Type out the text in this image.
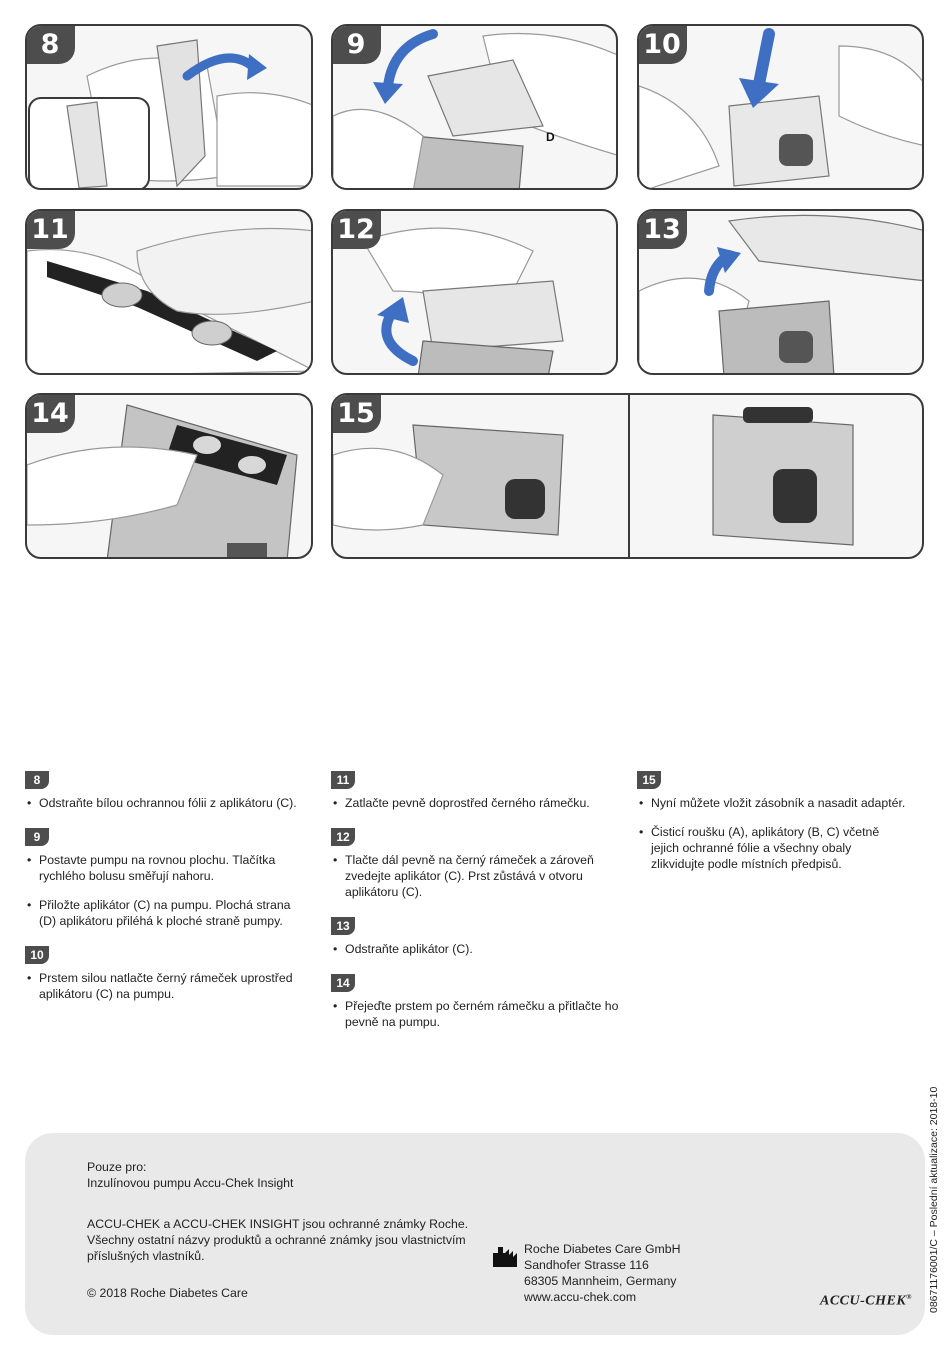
8	9
D
10
11	12	13
14	15
8
• Odstraňte bílou ochrannou fólii z aplikátoru (C).
9
• Postavte pumpu na rovnou plochu. Tlačítka rychlého bolusu směřují nahoru.
• Přiložte aplikátor (C) na pumpu. Plochá strana (D) aplikátoru přiléhá k ploché straně pumpy.
10
• Prstem silou natlačte černý rámeček uprostřed aplikátoru (C) na pumpu.
11
• Zatlačte pevně doprostřed černého rámečku.
12
• Tlačte dál pevně na černý rámeček a zároveň zvedejte aplikátor (C). Prst zůstává v otvoru aplikátoru (C).
13
• Odstraňte aplikátor (C).
14
• Přejeďte prstem po černém rámečku a přitlačte ho pevně na pumpu.
15
• Nyní můžete vložit zásobník a nasadit adaptér.
• Čisticí roušku (A), aplikátory (B, C) včetně jejich ochranné fólie a všechny obaly zlikvidujte podle místních předpisů.
Pouze pro:
Inzulínovou pumpu Accu-Chek Insight
ACCU-CHEK a ACCU-CHEK INSIGHT jsou ochranné známky Roche.
Všechny ostatní názvy produktů a ochranné známky jsou vlastnictvím
příslušných vlastníků.
© 2018 Roche Diabetes Care
Roche Diabetes Care GmbH
Sandhofer Strasse 116
68305 Mannheim, Germany
www.accu-chek.com	ACCU-CHEK® 08671176001/C – Poslední aktualizace: 2018-10
